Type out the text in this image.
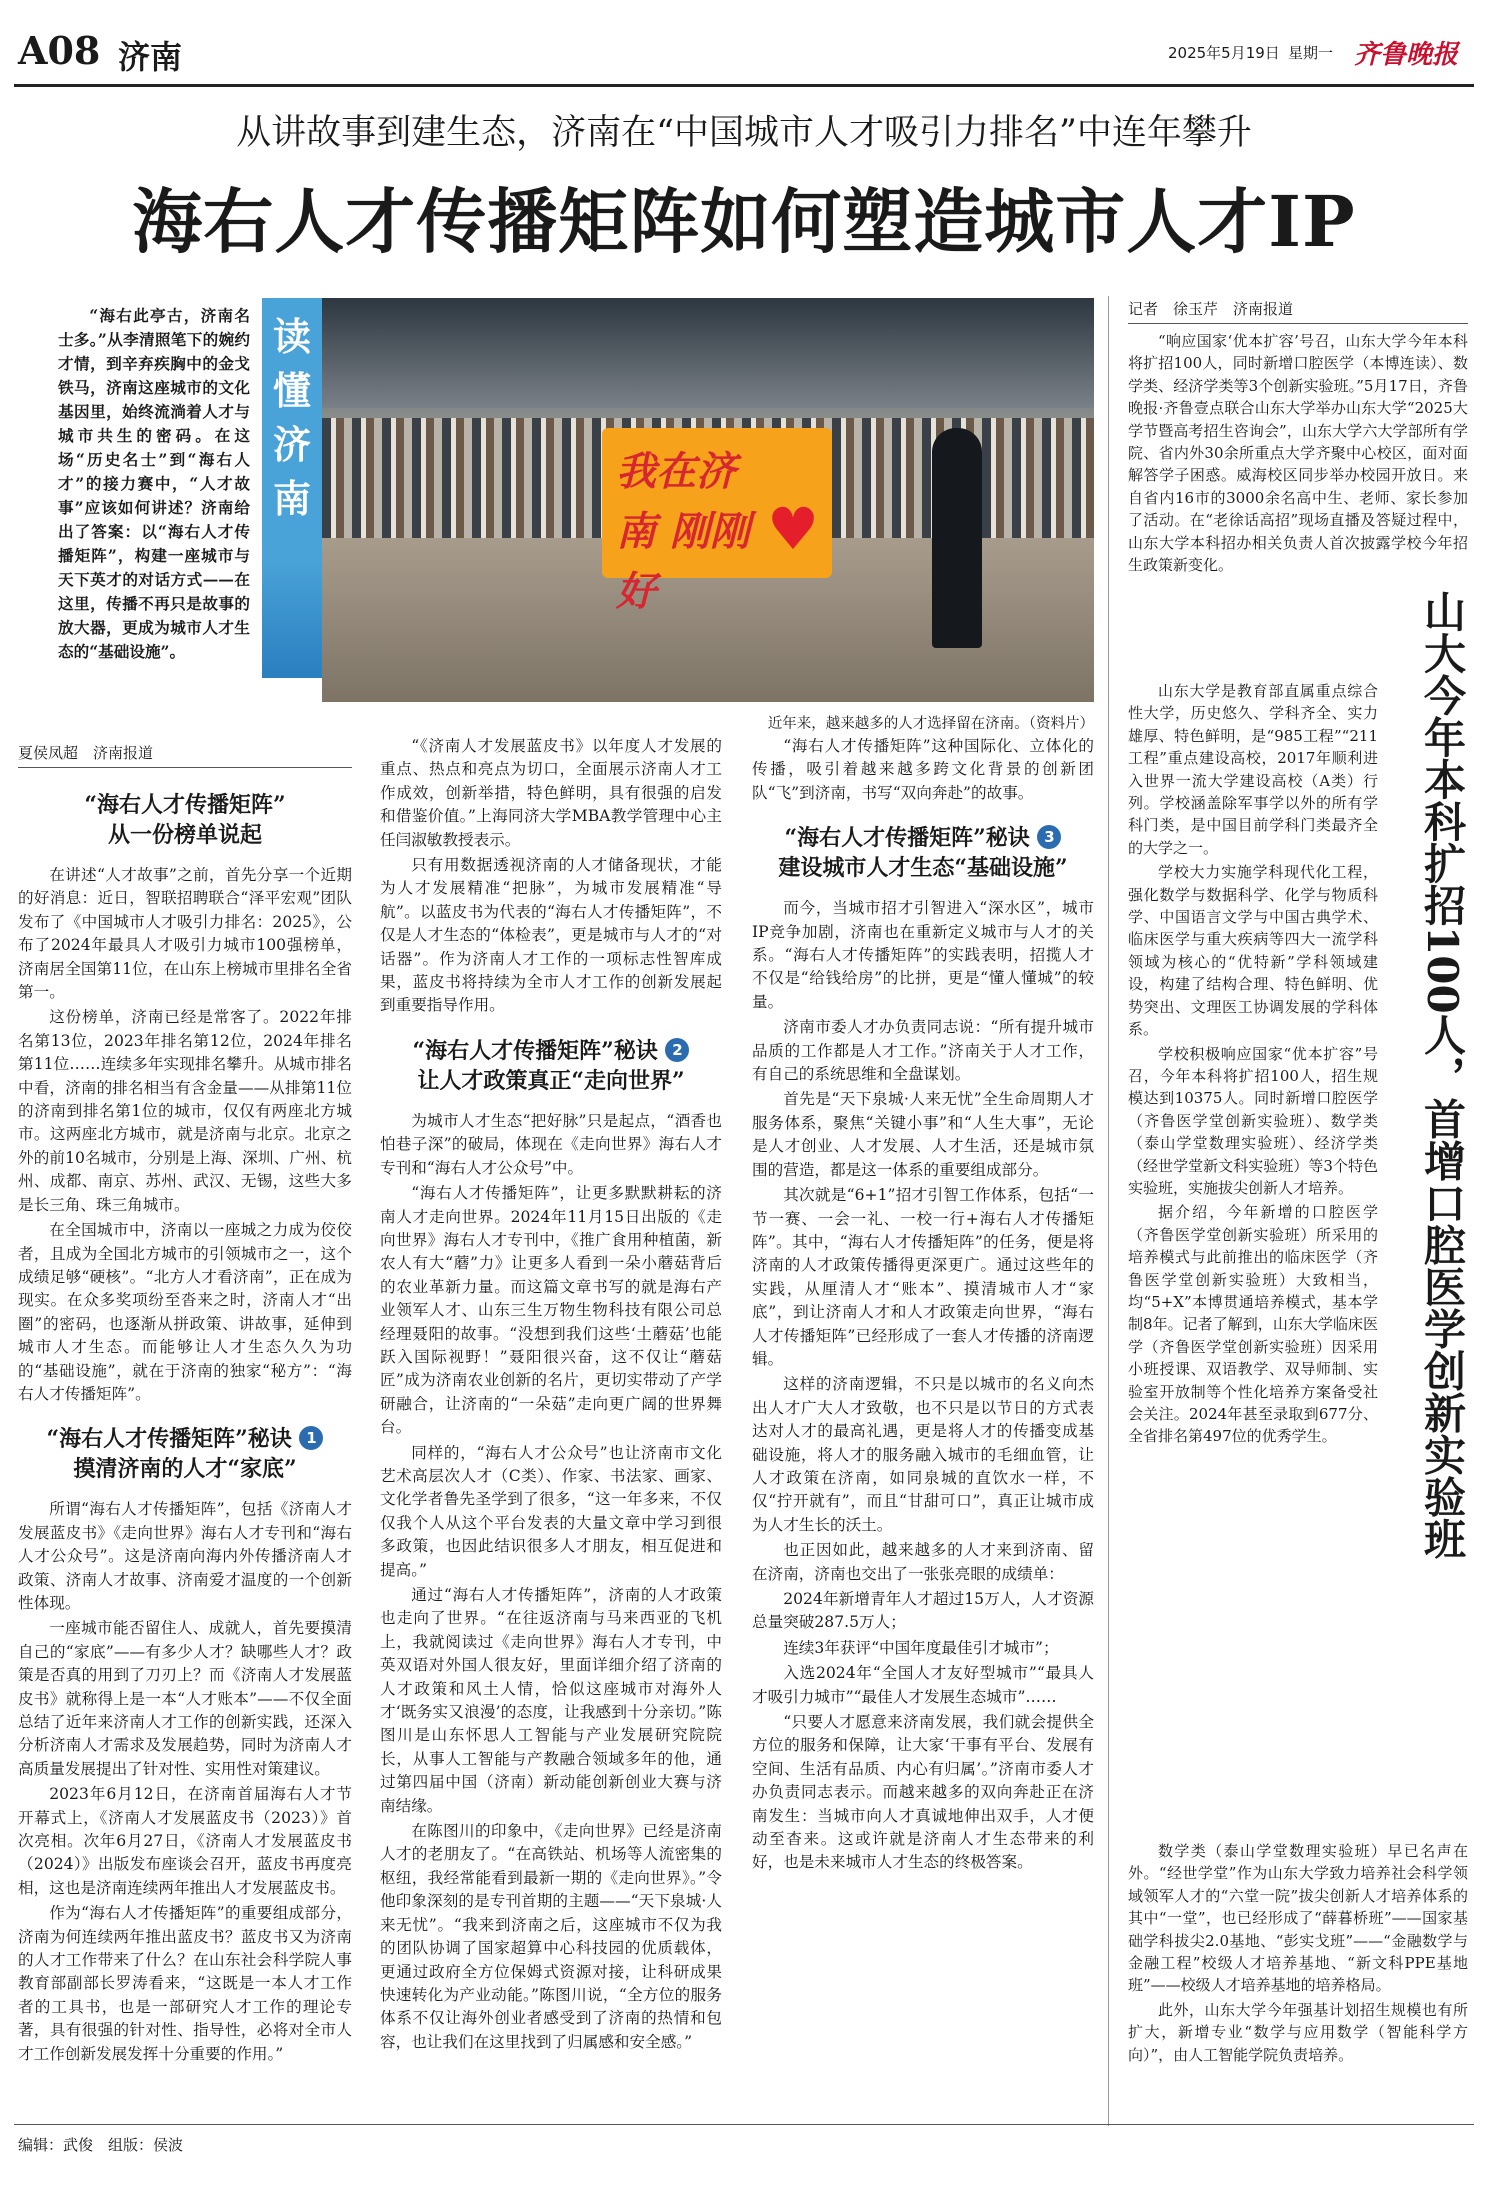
A08 济南	2025年5月19日 星期一 齐鲁晚报
从讲故事到建生态，济南在“中国城市人才吸引力排名”中连年攀升
海右人才传播矩阵如何塑造城市人才IP
“海右此亭古，济南名士多。”从李清照笔下的婉约才情，到辛弃疾胸中的金戈铁马，济南这座城市的文化基因里，始终流淌着人才与城市共生的密码。在这场“历史名士”到“海右人才”的接力赛中，“人才故事”应该如何讲述？济南给出了答案：以“海右人才传播矩阵”，构建一座城市与天下英才的对话方式——在这里，传播不再只是故事的放大器，更成为城市人才生态的“基础设施”。
读懂济南
我在济南 刚刚好
♥
近年来，越来越多的人才选择留在济南。（资料片）
夏侯凤超　济南报道
“海右人才传播矩阵”
从一份榜单说起

在讲述“人才故事”之前，首先分享一个近期的好消息：近日，智联招聘联合“泽平宏观”团队发布了《中国城市人才吸引力排名：2025》，公布了2024年最具人才吸引力城市100强榜单，济南居全国第11位，在山东上榜城市里排名全省第一。

这份榜单，济南已经是常客了。2022年排名第13位，2023年排名第12位，2024年排名第11位……连续多年实现排名攀升。从城市排名中看，济南的排名相当有含金量——从排第11位的济南到排名第1位的城市，仅仅有两座北方城市。这两座北方城市，就是济南与北京。北京之外的前10名城市，分别是上海、深圳、广州、杭州、成都、南京、苏州、武汉、无锡，这些大多是长三角、珠三角城市。

在全国城市中，济南以一座城之力成为佼佼者，且成为全国北方城市的引领城市之一，这个成绩足够“硬核”。“北方人才看济南”，正在成为现实。在众多奖项纷至沓来之时，济南人才“出圈”的密码，也逐渐从拼政策、讲故事，延伸到城市人才生态。而能够让人才生态久久为功的“基础设施”，就在于济南的独家“秘方”：“海右人才传播矩阵”。

“海右人才传播矩阵”秘诀 1
摸清济南的人才“家底”

所谓“海右人才传播矩阵”，包括《济南人才发展蓝皮书》《走向世界》海右人才专刊和“海右人才公众号”。这是济南向海内外传播济南人才政策、济南人才故事、济南爱才温度的一个创新性体现。

一座城市能否留住人、成就人，首先要摸清自己的“家底”——有多少人才？缺哪些人才？政策是否真的用到了刀刃上？而《济南人才发展蓝皮书》就称得上是一本“人才账本”——不仅全面总结了近年来济南人才工作的创新实践，还深入分析济南人才需求及发展趋势，同时为济南人才高质量发展提出了针对性、实用性对策建议。

2023年6月12日，在济南首届海右人才节开幕式上，《济南人才发展蓝皮书（2023）》首次亮相。次年6月27日，《济南人才发展蓝皮书（2024）》出版发布座谈会召开，蓝皮书再度亮相，这也是济南连续两年推出人才发展蓝皮书。

作为“海右人才传播矩阵”的重要组成部分，济南为何连续两年推出蓝皮书？蓝皮书又为济南的人才工作带来了什么？在山东社会科学院人事教育部副部长罗涛看来，“这既是一本人才工作者的工具书，也是一部研究人才工作的理论专著，具有很强的针对性、指导性，必将对全市人才工作创新发展发挥十分重要的作用。”

“《济南人才发展蓝皮书》以年度人才发展的重点、热点和亮点为切口，全面展示济南人才工作成效，创新举措，特色鲜明，具有很强的启发和借鉴价值。”上海同济大学MBA教学管理中心主任闫淑敏教授表示。

只有用数据透视济南的人才储备现状，才能为人才发展精准“把脉”，为城市发展精准“导航”。以蓝皮书为代表的“海右人才传播矩阵”，不仅是人才生态的“体检表”，更是城市与人才的“对话器”。作为济南人才工作的一项标志性智库成果，蓝皮书将持续为全市人才工作的创新发展起到重要指导作用。

“海右人才传播矩阵”秘诀 2
让人才政策真正“走向世界”

为城市人才生态“把好脉”只是起点，“酒香也怕巷子深”的破局，体现在《走向世界》海右人才专刊和“海右人才公众号”中。

“海右人才传播矩阵”，让更多默默耕耘的济南人才走向世界。2024年11月15日出版的《走向世界》海右人才专刊中，《推广食用种植菌，新农人有大“蘑”力》让更多人看到一朵小蘑菇背后的农业革新力量。而这篇文章书写的就是海右产业领军人才、山东三生万物生物科技有限公司总经理聂阳的故事。“没想到我们这些‘土蘑菇’也能跃入国际视野！”聂阳很兴奋，这不仅让“蘑菇匠”成为济南农业创新的名片，更切实带动了产学研融合，让济南的“一朵菇”走向更广阔的世界舞台。

同样的，“海右人才公众号”也让济南市文化艺术高层次人才（C类）、作家、书法家、画家、文化学者鲁先圣学到了很多，“这一年多来，不仅仅我个人从这个平台发表的大量文章中学习到很多政策，也因此结识很多人才朋友，相互促进和提高。”

通过“海右人才传播矩阵”，济南的人才政策也走向了世界。“在往返济南与马来西亚的飞机上，我就阅读过《走向世界》海右人才专刊，中英双语对外国人很友好，里面详细介绍了济南的人才政策和风土人情，恰似这座城市对海外人才‘既务实又浪漫’的态度，让我感到十分亲切。”陈图川是山东怀思人工智能与产业发展研究院院长，从事人工智能与产教融合领域多年的他，通过第四届中国（济南）新动能创新创业大赛与济南结缘。

在陈图川的印象中，《走向世界》已经是济南人才的老朋友了。“在高铁站、机场等人流密集的枢纽，我经常能看到最新一期的《走向世界》。”令他印象深刻的是专刊首期的主题——“天下泉城·人来无忧”。“我来到济南之后，这座城市不仅为我的团队协调了国家超算中心科技园的优质载体，更通过政府全方位保姆式资源对接，让科研成果快速转化为产业动能。”陈图川说，“全方位的服务体系不仅让海外创业者感受到了济南的热情和包容，也让我们在这里找到了归属感和安全感。”

“海右人才传播矩阵”这种国际化、立体化的传播，吸引着越来越多跨文化背景的创新团队“飞”到济南，书写“双向奔赴”的故事。

“海右人才传播矩阵”秘诀 3
建设城市人才生态“基础设施”

而今，当城市招才引智进入“深水区”，城市IP竞争加剧，济南也在重新定义城市与人才的关系。“海右人才传播矩阵”的实践表明，招揽人才不仅是“给钱给房”的比拼，更是“懂人懂城”的较量。

济南市委人才办负责同志说：“所有提升城市品质的工作都是人才工作。”济南关于人才工作，有自己的系统思维和全盘谋划。

首先是“天下泉城·人来无忧”全生命周期人才服务体系，聚焦“关键小事”和“人生大事”，无论是人才创业、人才发展、人才生活，还是城市氛围的营造，都是这一体系的重要组成部分。

其次就是“6+1”招才引智工作体系，包括“一节一赛、一会一礼、一校一行+海右人才传播矩阵”。其中，“海右人才传播矩阵”的任务，便是将济南的人才政策传播得更深更广。通过这些年的实践，从厘清人才“账本”、摸清城市人才“家底”，到让济南人才和人才政策走向世界，“海右人才传播矩阵”已经形成了一套人才传播的济南逻辑。

这样的济南逻辑，不只是以城市的名义向杰出人才广大人才致敬，也不只是以节日的方式表达对人才的最高礼遇，更是将人才的传播变成基础设施，将人才的服务融入城市的毛细血管，让人才政策在济南，如同泉城的直饮水一样，不仅“拧开就有”，而且“甘甜可口”，真正让城市成为人才生长的沃土。

也正因如此，越来越多的人才来到济南、留在济南，济南也交出了一张张亮眼的成绩单：

2024年新增青年人才超过15万人，人才资源总量突破287.5万人；

连续3年获评“中国年度最佳引才城市”；

入选2024年“全国人才友好型城市”“最具人才吸引力城市”“最佳人才发展生态城市”……

“只要人才愿意来济南发展，我们就会提供全方位的服务和保障，让大家‘干事有平台、发展有空间、生活有品质、内心有归属’。”济南市委人才办负责同志表示。而越来越多的双向奔赴正在济南发生：当城市向人才真诚地伸出双手，人才便动至杳来。这或许就是济南人才生态带来的利好，也是未来城市人才生态的终极答案。

记者　徐玉芹　济南报道

“响应国家‘优本扩容’号召，山东大学今年本科将扩招100人，同时新增口腔医学（本博连读）、数学类、经济学类等3个创新实验班。”5月17日，齐鲁晚报·齐鲁壹点联合山东大学举办山东大学“2025大学节暨高考招生咨询会”，山东大学六大学部所有学院、省内外30余所重点大学齐聚中心校区，面对面解答学子困惑。威海校区同步举办校园开放日。来自省内16市的3000余名高中生、老师、家长参加了活动。在“老徐话高招”现场直播及答疑过程中，山东大学本科招办相关负责人首次披露学校今年招生政策新变化。

山东大学是教育部直属重点综合性大学，历史悠久、学科齐全、实力雄厚、特色鲜明，是“985工程”“211工程”重点建设高校，2017年顺利进入世界一流大学建设高校（A类）行列。学校涵盖除军事学以外的所有学科门类，是中国目前学科门类最齐全的大学之一。

学校大力实施学科现代化工程，强化数学与数据科学、化学与物质科学、中国语言文学与中国古典学术、临床医学与重大疾病等四大一流学科领域为核心的“优特新”学科领域建设，构建了结构合理、特色鲜明、优势突出、文理医工协调发展的学科体系。

学校积极响应国家“优本扩容”号召，今年本科将扩招100人，招生规模达到10375人。同时新增口腔医学（齐鲁医学堂创新实验班）、数学类（泰山学堂数理实验班）、经济学类（经世学堂新文科实验班）等3个特色实验班，实施拔尖创新人才培养。

据介绍，今年新增的口腔医学（齐鲁医学堂创新实验班）所采用的培养模式与此前推出的临床医学（齐鲁医学堂创新实验班）大致相当，均“5+X”本博贯通培养模式，基本学制8年。记者了解到，山东大学临床医学（齐鲁医学堂创新实验班）因采用小班授课、双语教学、双导师制、实验室开放制等个性化培养方案备受社会关注。2024年甚至录取到677分、全省排名第497位的优秀学生。	山大今年本科扩招100人，首增口腔医学创新实验班

数学类（泰山学堂数理实验班）早已名声在外。“经世学堂”作为山东大学致力培养社会科学领域领军人才的“六堂一院”拔尖创新人才培养体系的其中“一堂”，也已经形成了“薛暮桥班”——国家基础学科拔尖2.0基地、“彭实戈班”——“金融数学与金融工程”校级人才培养基地、“新文科PPE基地班”——校级人才培养基地的培养格局。

此外，山东大学今年强基计划招生规模也有所扩大，新增专业“数学与应用数学（智能科学方向）”，由人工智能学院负责培养。

编辑：武俊　组版：侯波
